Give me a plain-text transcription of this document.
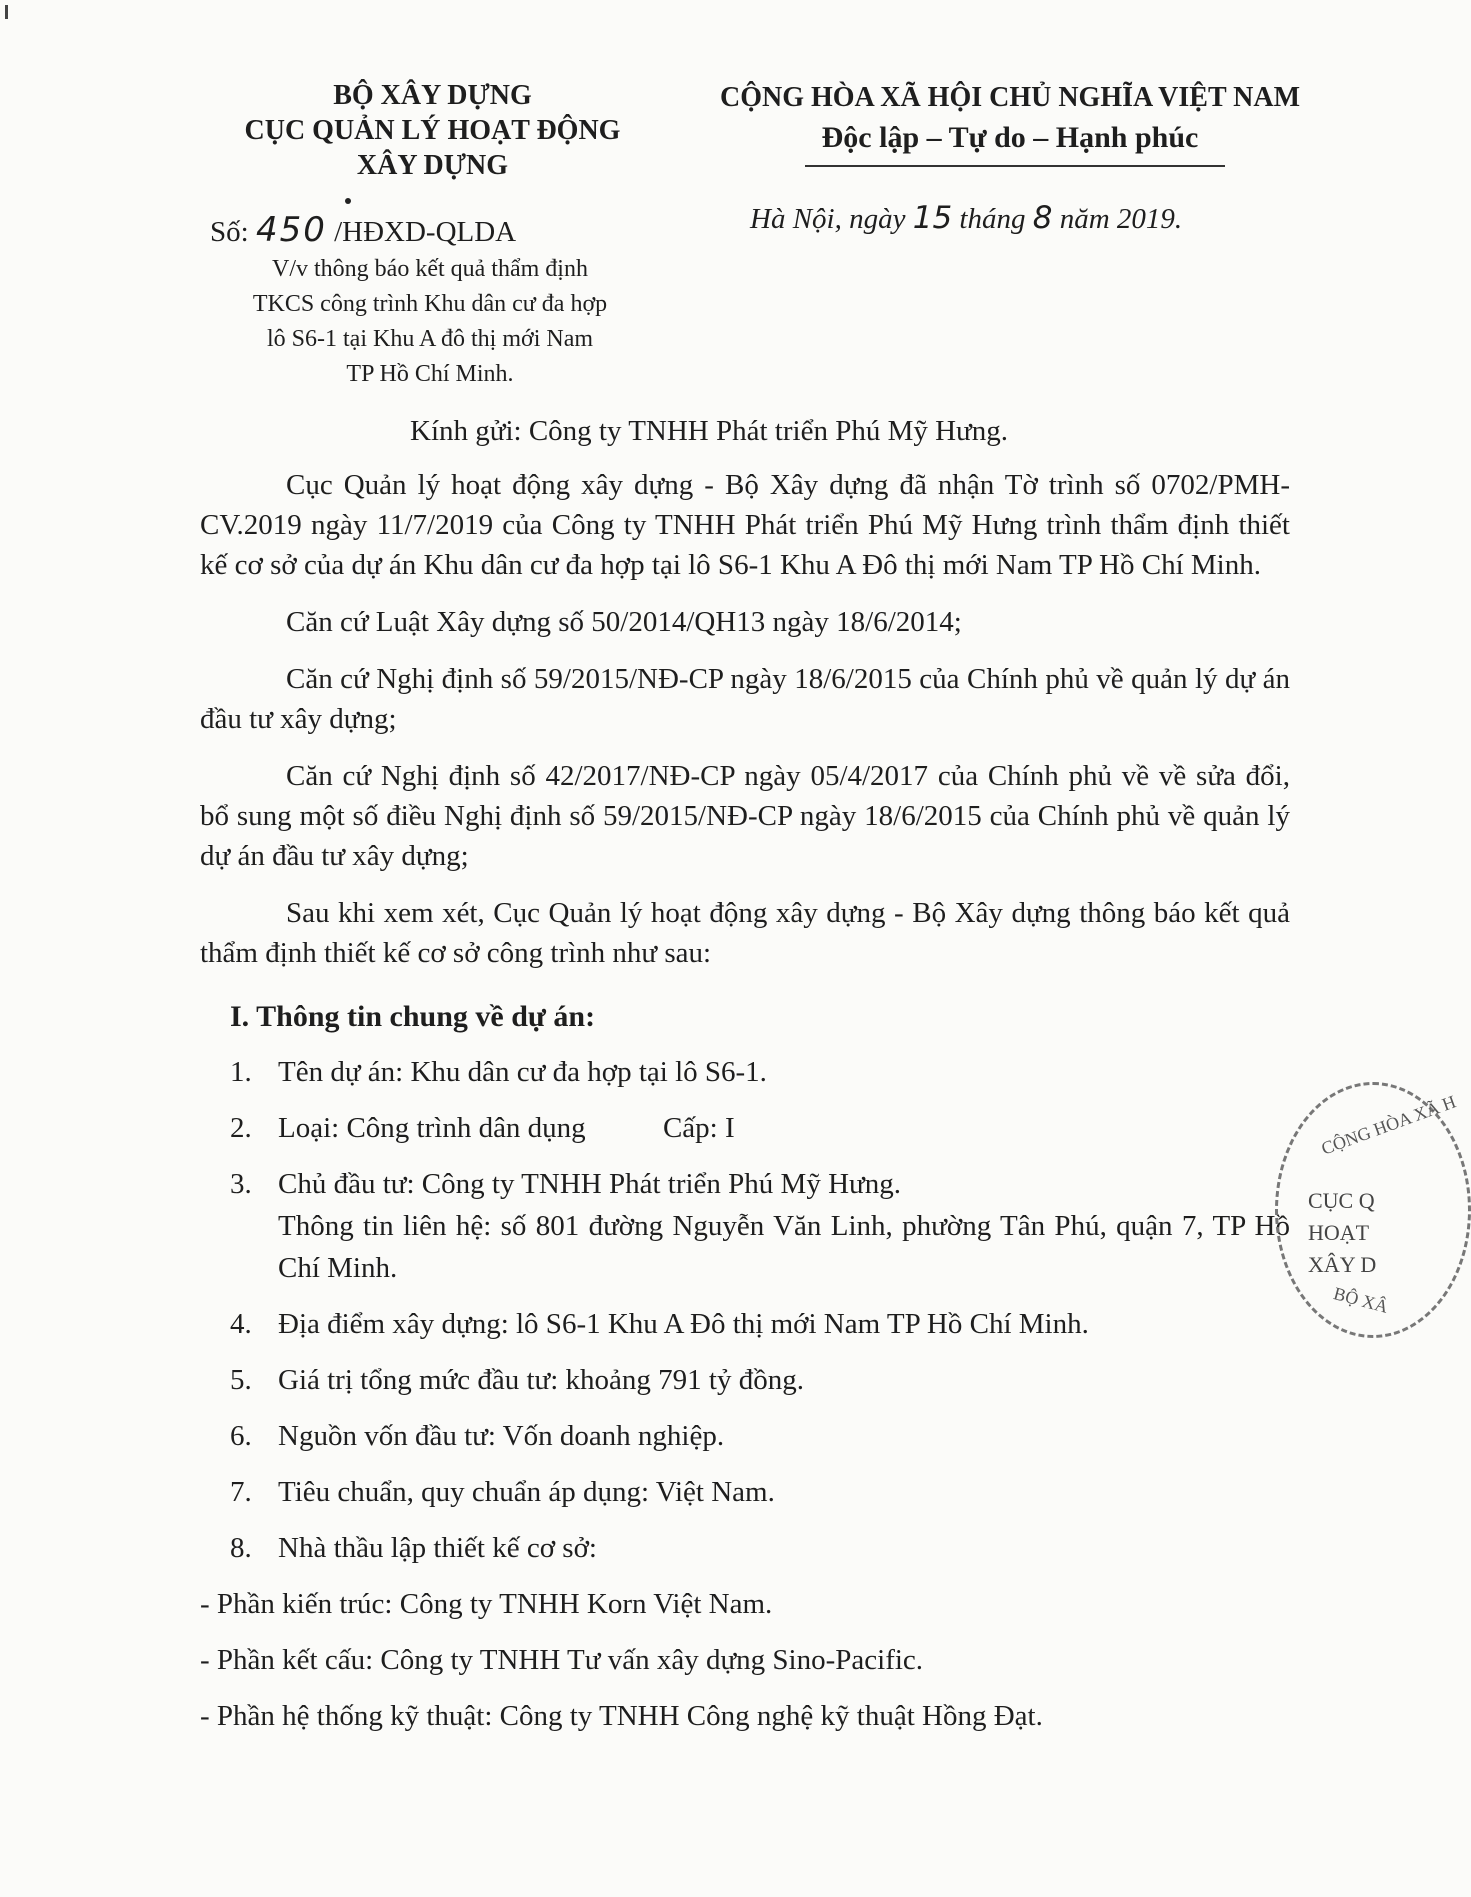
BỘ XÂY DỰNG
CỤC QUẢN LÝ HOẠT ĐỘNG
XÂY DỰNG
CỘNG HÒA XÃ HỘI CHỦ NGHĨA VIỆT NAM
Độc lập – Tự do – Hạnh phúc
Số: 450 /HĐXD-QLDA
V/v thông báo kết quả thẩm định
TKCS công trình Khu dân cư đa hợp
lô S6-1 tại Khu A đô thị mới Nam
TP Hồ Chí Minh.
Hà Nội, ngày 15 tháng 8 năm 2019.
Kính gửi: Công ty TNHH Phát triển Phú Mỹ Hưng.

Cục Quản lý hoạt động xây dựng - Bộ Xây dựng đã nhận Tờ trình số 0702/PMH-CV.2019 ngày 11/7/2019 của Công ty TNHH Phát triển Phú Mỹ Hưng trình thẩm định thiết kế cơ sở của dự án Khu dân cư đa hợp tại lô S6-1 Khu A Đô thị mới Nam TP Hồ Chí Minh.

Căn cứ Luật Xây dựng số 50/2014/QH13 ngày 18/6/2014;

Căn cứ Nghị định số 59/2015/NĐ-CP ngày 18/6/2015 của Chính phủ về quản lý dự án đầu tư xây dựng;

Căn cứ Nghị định số 42/2017/NĐ-CP ngày 05/4/2017 của Chính phủ về về sửa đổi, bổ sung một số điều Nghị định số 59/2015/NĐ-CP ngày 18/6/2015 của Chính phủ về quản lý dự án đầu tư xây dựng;

Sau khi xem xét, Cục Quản lý hoạt động xây dựng - Bộ Xây dựng thông báo kết quả thẩm định thiết kế cơ sở công trình như sau:

I. Thông tin chung về dự án:
1. Tên dự án: Khu dân cư đa hợp tại lô S6-1.
2. Loại: Công trình dân dụng	Cấp: I
3. Chủ đầu tư: Công ty TNHH Phát triển Phú Mỹ Hưng.
Thông tin liên hệ: số 801 đường Nguyễn Văn Linh, phường Tân Phú, quận 7, TP Hồ Chí Minh.
4. Địa điểm xây dựng: lô S6-1 Khu A Đô thị mới Nam TP Hồ Chí Minh.
5. Giá trị tổng mức đầu tư: khoảng 791 tỷ đồng.
6. Nguồn vốn đầu tư: Vốn doanh nghiệp.
7. Tiêu chuẩn, quy chuẩn áp dụng: Việt Nam.
8. Nhà thầu lập thiết kế cơ sở:
- Phần kiến trúc: Công ty TNHH Korn Việt Nam.
- Phần kết cấu: Công ty TNHH Tư vấn xây dựng Sino-Pacific.
- Phần hệ thống kỹ thuật: Công ty TNHH Công nghệ kỹ thuật Hồng Đạt.
CỘNG HÒA XÃ H
CỤC Q
HOẠT
XÂY D
BỘ XÂ
